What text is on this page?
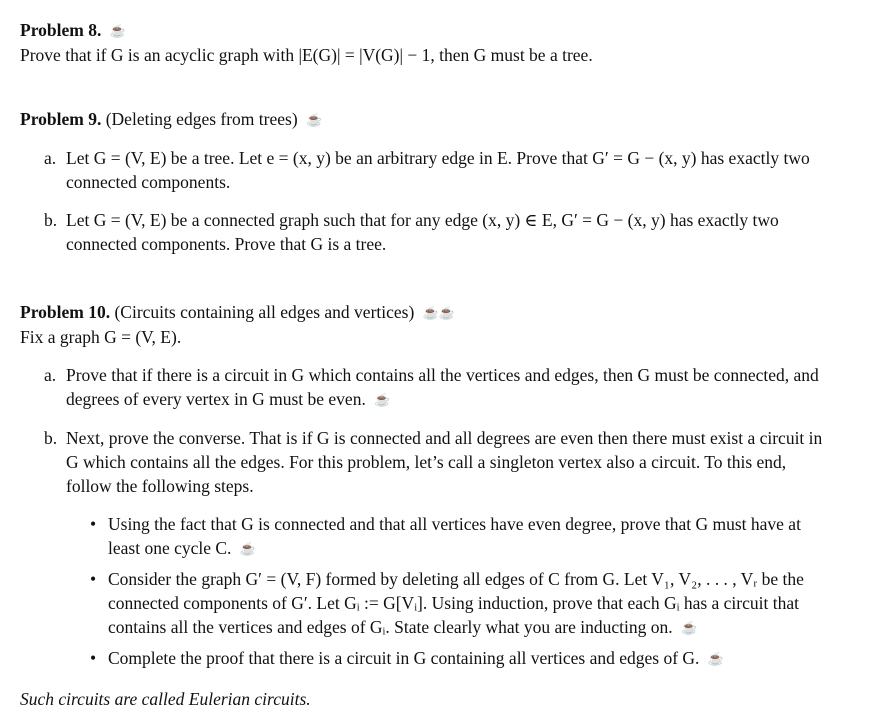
Problem 8. ☕
Prove that if G is an acyclic graph with |E(G)| = |V(G)| − 1, then G must be a tree.
Problem 9. (Deleting edges from trees) ☕
a. Let G = (V, E) be a tree. Let e = (x, y) be an arbitrary edge in E. Prove that G′ = G − (x, y) has exactly two connected components.
b. Let G = (V, E) be a connected graph such that for any edge (x, y) ∈ E, G′ = G − (x, y) has exactly two connected components. Prove that G is a tree.
Problem 10. (Circuits containing all edges and vertices) ☕☕
Fix a graph G = (V, E).
a. Prove that if there is a circuit in G which contains all the vertices and edges, then G must be connected, and degrees of every vertex in G must be even. ☕
b. Next, prove the converse. That is if G is connected and all degrees are even then there must exist a circuit in G which contains all the edges. For this problem, let’s call a singleton vertex also a circuit. To this end, follow the following steps.
• Using the fact that G is connected and that all vertices have even degree, prove that G must have at least one cycle C. ☕
• Consider the graph G′ = (V, F) formed by deleting all edges of C from G. Let V₁, V₂, . . . , Vᵣ be the connected components of G′. Let Gᵢ := G[Vᵢ]. Using induction, prove that each Gᵢ has a circuit that contains all the vertices and edges of Gᵢ. State clearly what you are inducting on. ☕
• Complete the proof that there is a circuit in G containing all vertices and edges of G. ☕
Such circuits are called Eulerian circuits.
